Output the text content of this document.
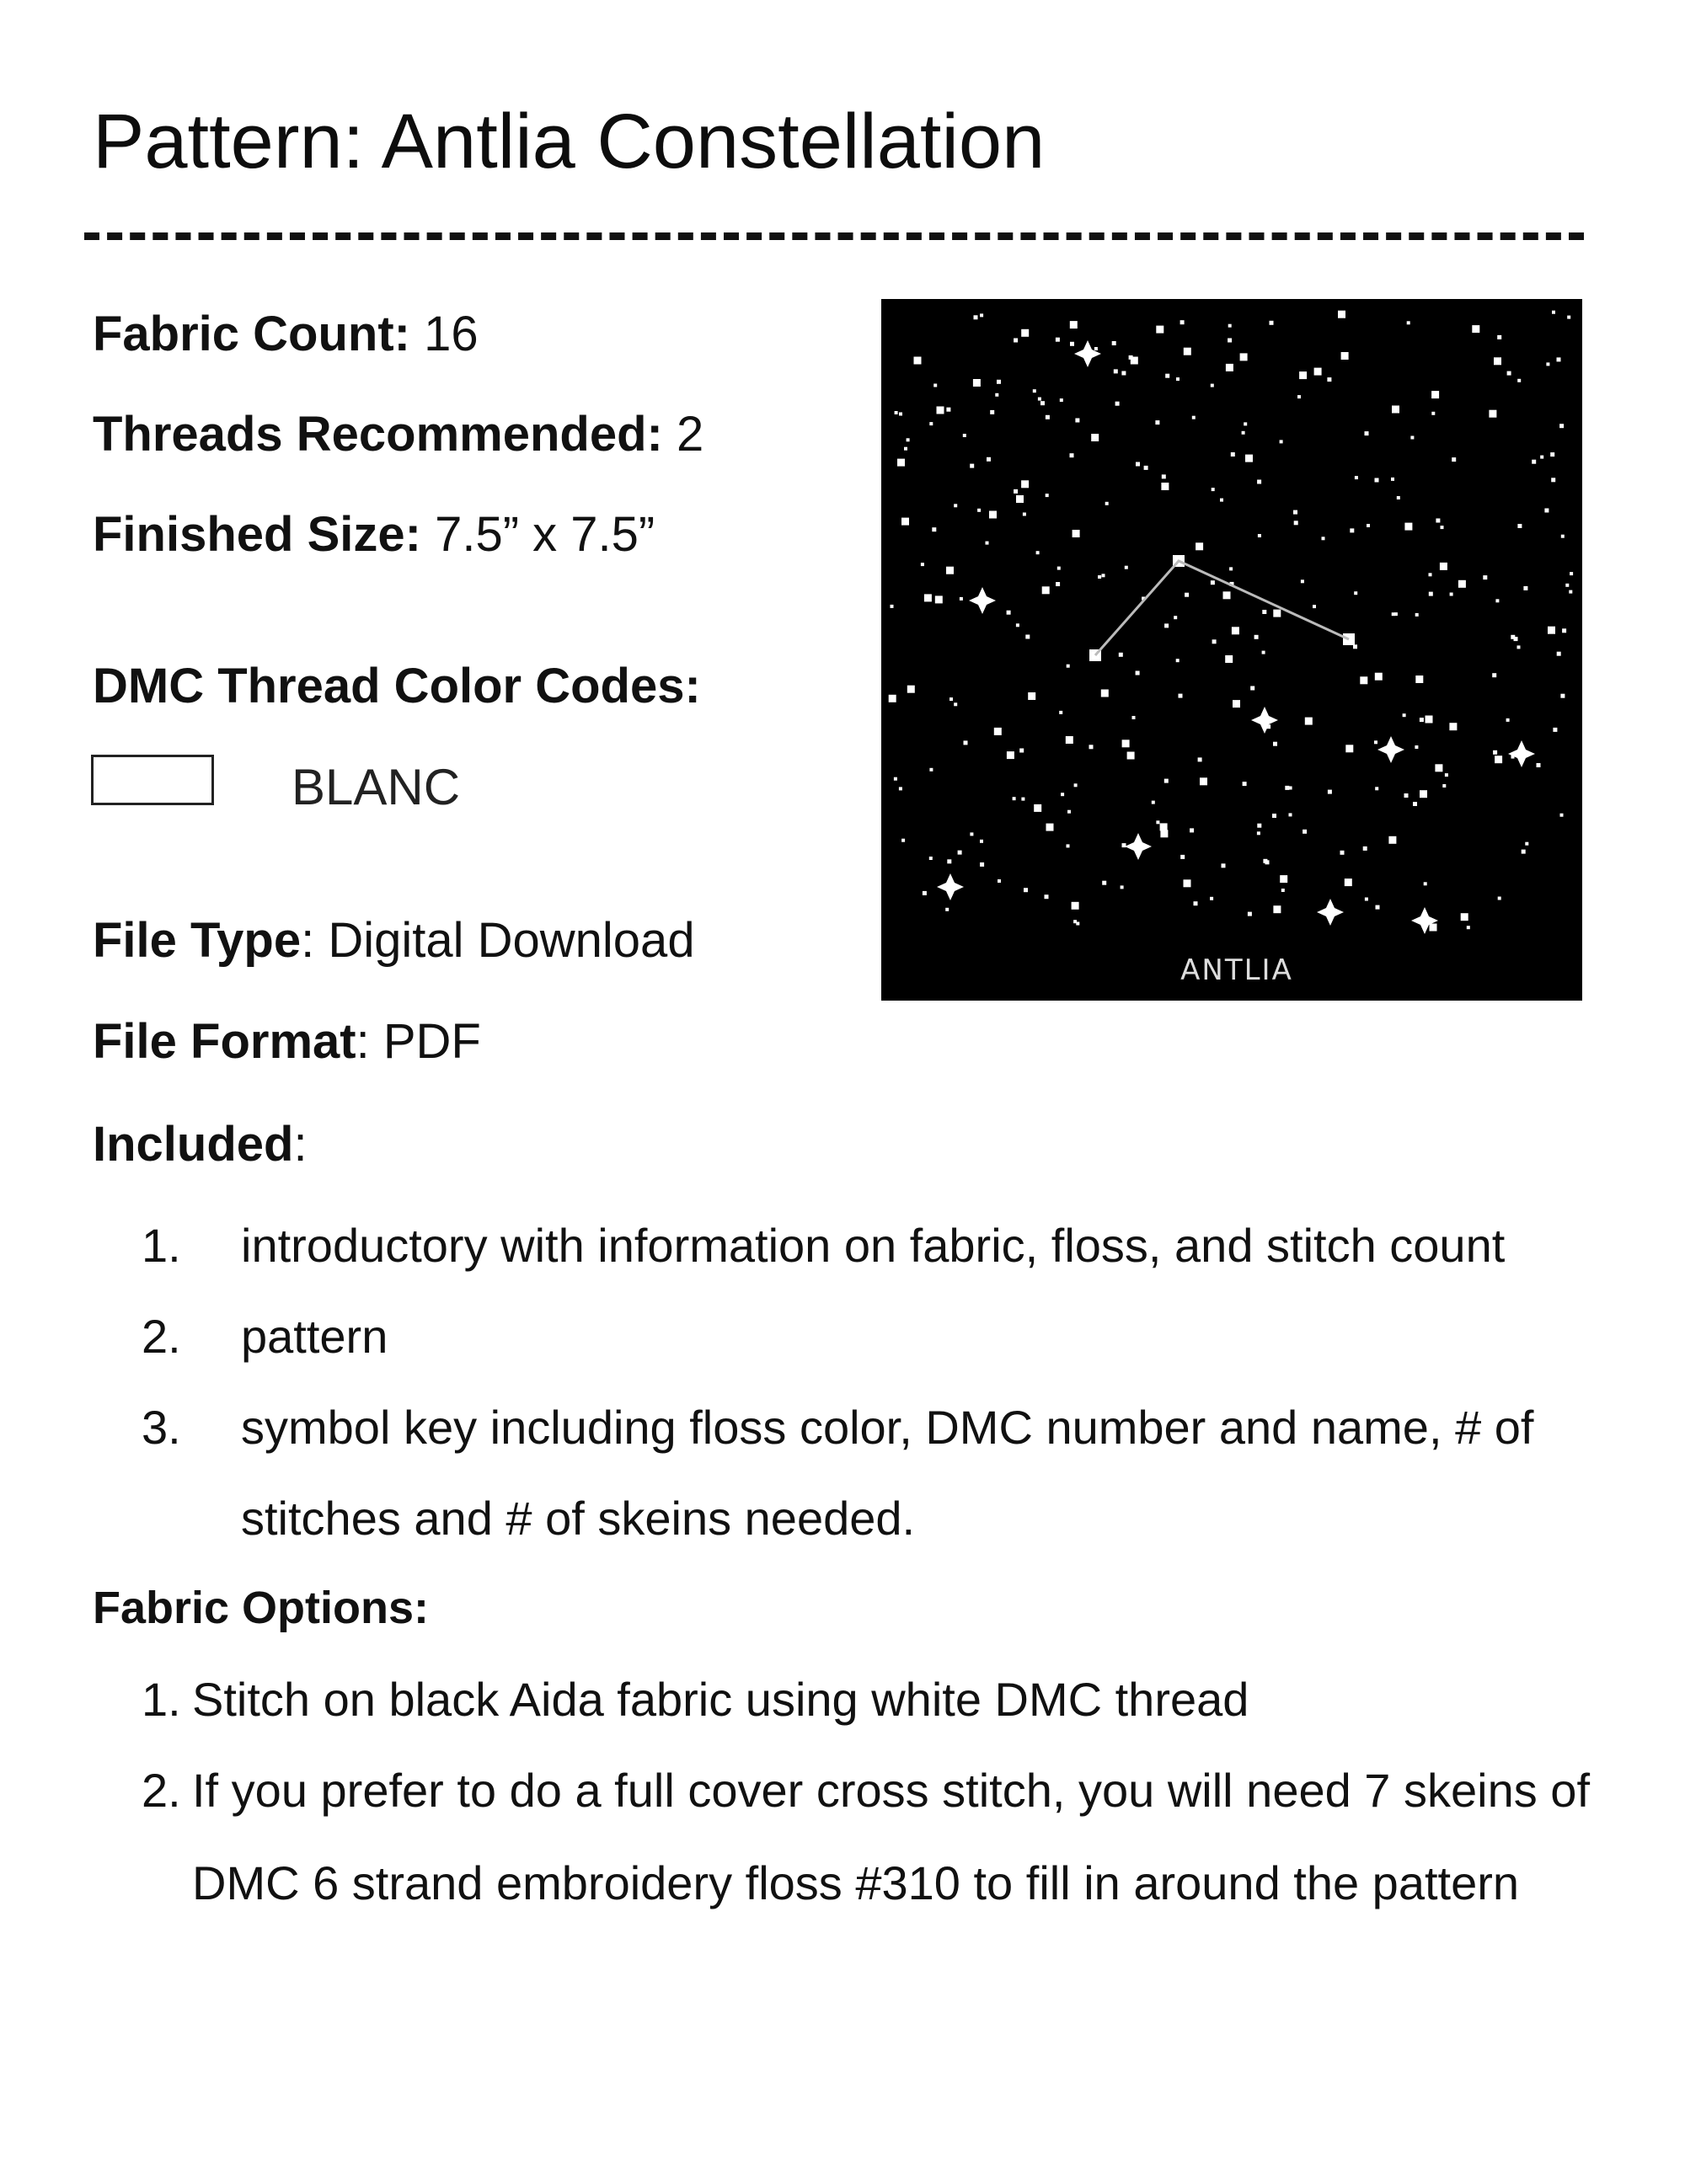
Pattern: Antlia Constellation
Fabric Count: 16
Threads Recommended: 2
Finished Size: 7.5” x 7.5”
DMC Thread Color Codes:
BLANC
File Type: Digital Download
File Format: PDF
Included:
1. introductory with information on fabric, floss, and stitch count
2. pattern
3. symbol key including floss color, DMC number and name, # of
stitches and # of skeins needed.
Fabric Options:
1. Stitch on black Aida fabric using white DMC thread
2. If you prefer to do a full cover cross stitch, you will need 7 skeins of
DMC 6 strand embroidery floss #310 to fill in around the pattern
ANTLIA
